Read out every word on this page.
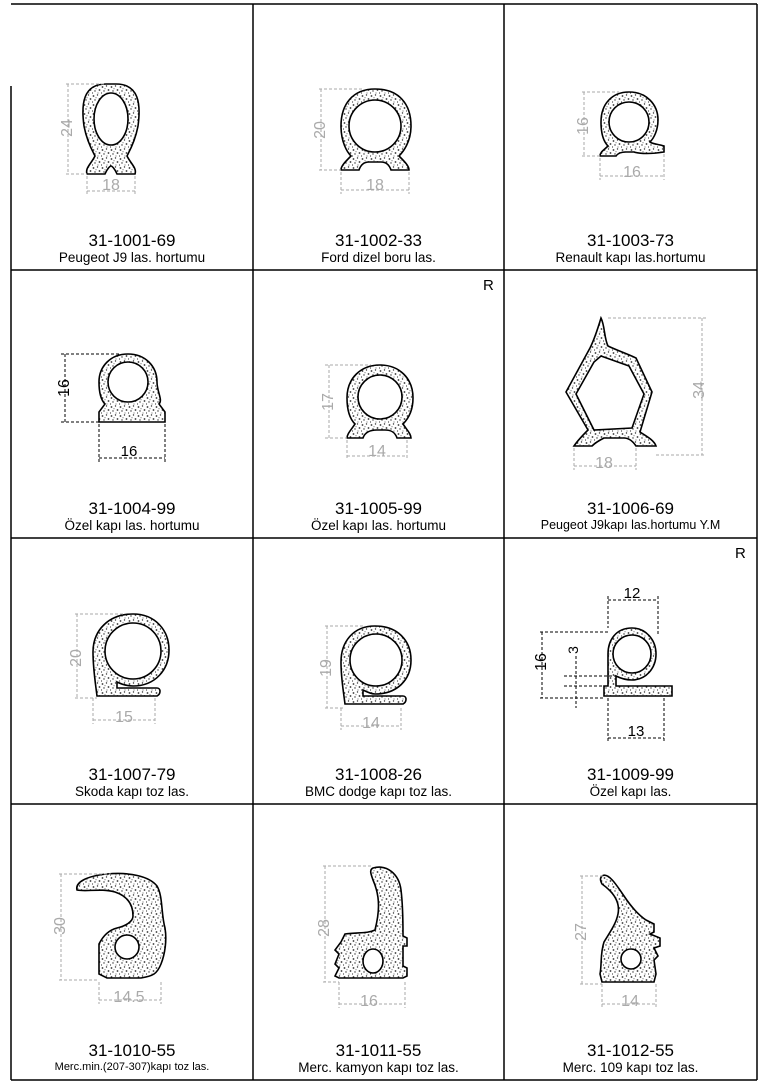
24
18
31-1001-69
Peugeot J9 las. hortumu
20
18
31-1002-33
Ford dizel boru las.
16
16
31-1003-73
Renault kapı las.hortumu
16
16
31-1004-99
Özel kapı las. hortumu
17
14
R
31-1005-99
Özel kapı las. hortumu
34
18
31-1006-69
Peugeot J9kapı las.hortumu Y.M
20
15
31-1007-79
Skoda kapı toz las.
19
14
31-1008-26
BMC dodge kapı toz las.
12
16
3
13
R
31-1009-99
Özel kapı las.
30
14.5
31-1010-55
Merc.min.(207-307)kapı toz las.
28
16
31-1011-55
Merc. kamyon kapı toz las.
27
14
31-1012-55
Merc. 109 kapı toz las.
